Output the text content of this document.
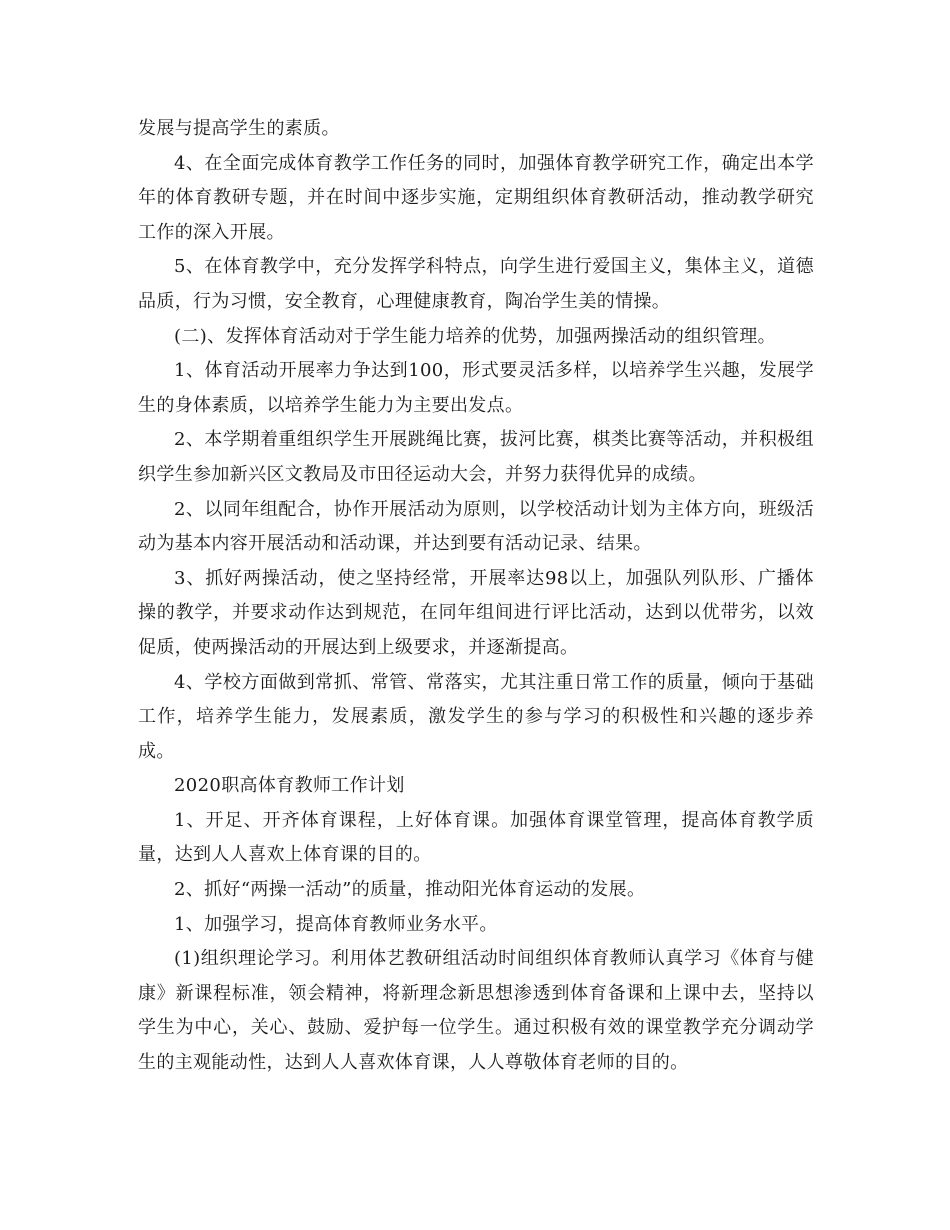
发展与提高学生的素质。

4、在全面完成体育教学工作任务的同时，加强体育教学研究工作，确定出本学年的体育教研专题，并在时间中逐步实施，定期组织体育教研活动，推动教学研究工作的深入开展。

5、在体育教学中，充分发挥学科特点，向学生进行爱国主义，集体主义，道德品质，行为习惯，安全教育，心理健康教育，陶冶学生美的情操。

(二)、发挥体育活动对于学生能力培养的优势，加强两操活动的组织管理。

1、体育活动开展率力争达到100，形式要灵活多样，以培养学生兴趣，发展学生的身体素质，以培养学生能力为主要出发点。

2、本学期着重组织学生开展跳绳比赛，拔河比赛，棋类比赛等活动，并积极组织学生参加新兴区文教局及市田径运动大会，并努力获得优异的成绩。

2、以同年组配合，协作开展活动为原则，以学校活动计划为主体方向，班级活动为基本内容开展活动和活动课，并达到要有活动记录、结果。

3、抓好两操活动，使之坚持经常，开展率达98以上，加强队列队形、广播体操的教学，并要求动作达到规范，在同年组间进行评比活动，达到以优带劣，以效促质，使两操活动的开展达到上级要求，并逐渐提高。

4、学校方面做到常抓、常管、常落实，尤其注重日常工作的质量，倾向于基础工作，培养学生能力，发展素质，激发学生的参与学习的积极性和兴趣的逐步养成。

2020职高体育教师工作计划

1、开足、开齐体育课程，上好体育课。加强体育课堂管理，提高体育教学质量，达到人人喜欢上体育课的目的。

2、抓好“两操一活动”的质量，推动阳光体育运动的发展。

1、加强学习，提高体育教师业务水平。

(1)组织理论学习。利用体艺教研组活动时间组织体育教师认真学习《体育与健康》新课程标准，领会精神，将新理念新思想渗透到体育备课和上课中去，坚持以学生为中心，关心、鼓励、爱护每一位学生。通过积极有效的课堂教学充分调动学生的主观能动性，达到人人喜欢体育课，人人尊敬体育老师的目的。
